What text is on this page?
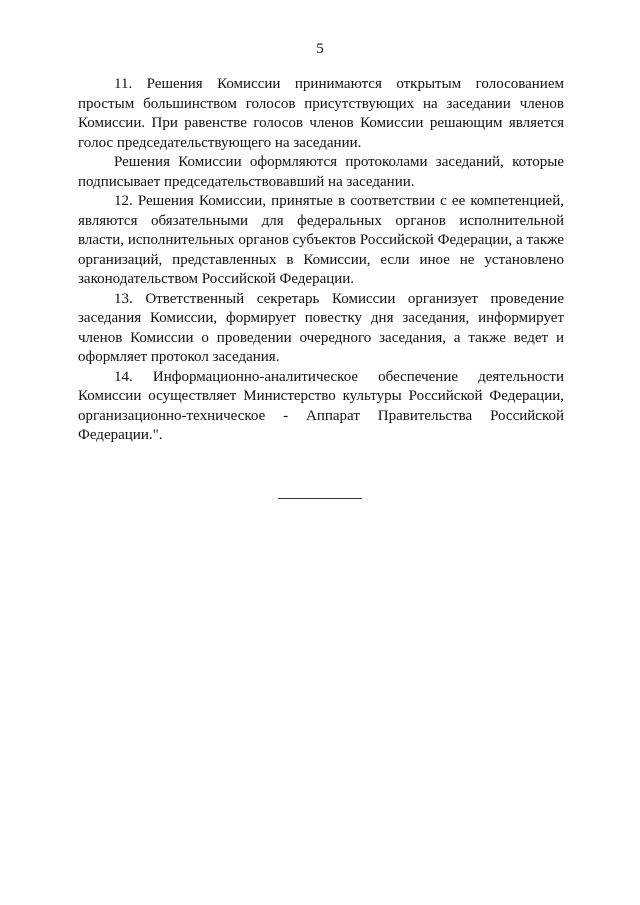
5

11. Решения Комиссии принимаются открытым голосованием простым большинством голосов присутствующих на заседании членов Комиссии. При равенстве голосов членов Комиссии решающим является голос председательствующего на заседании.

Решения Комиссии оформляются протоколами заседаний, которые подписывает председательствовавший на заседании.

12. Решения Комиссии, принятые в соответствии с ее компетенцией, являются обязательными для федеральных органов исполнительной власти, исполнительных органов субъектов Российской Федерации, а также организаций, представленных в Комиссии, если иное не установлено законодательством Российской Федерации.

13. Ответственный секретарь Комиссии организует проведение заседания Комиссии, формирует повестку дня заседания, информирует членов Комиссии о проведении очередного заседания, а также ведет и оформляет протокол заседания.

14. Информационно-аналитическое обеспечение деятельности Комиссии осуществляет Министерство культуры Российской Федерации, организационно-техническое - Аппарат Правительства Российской Федерации.".
